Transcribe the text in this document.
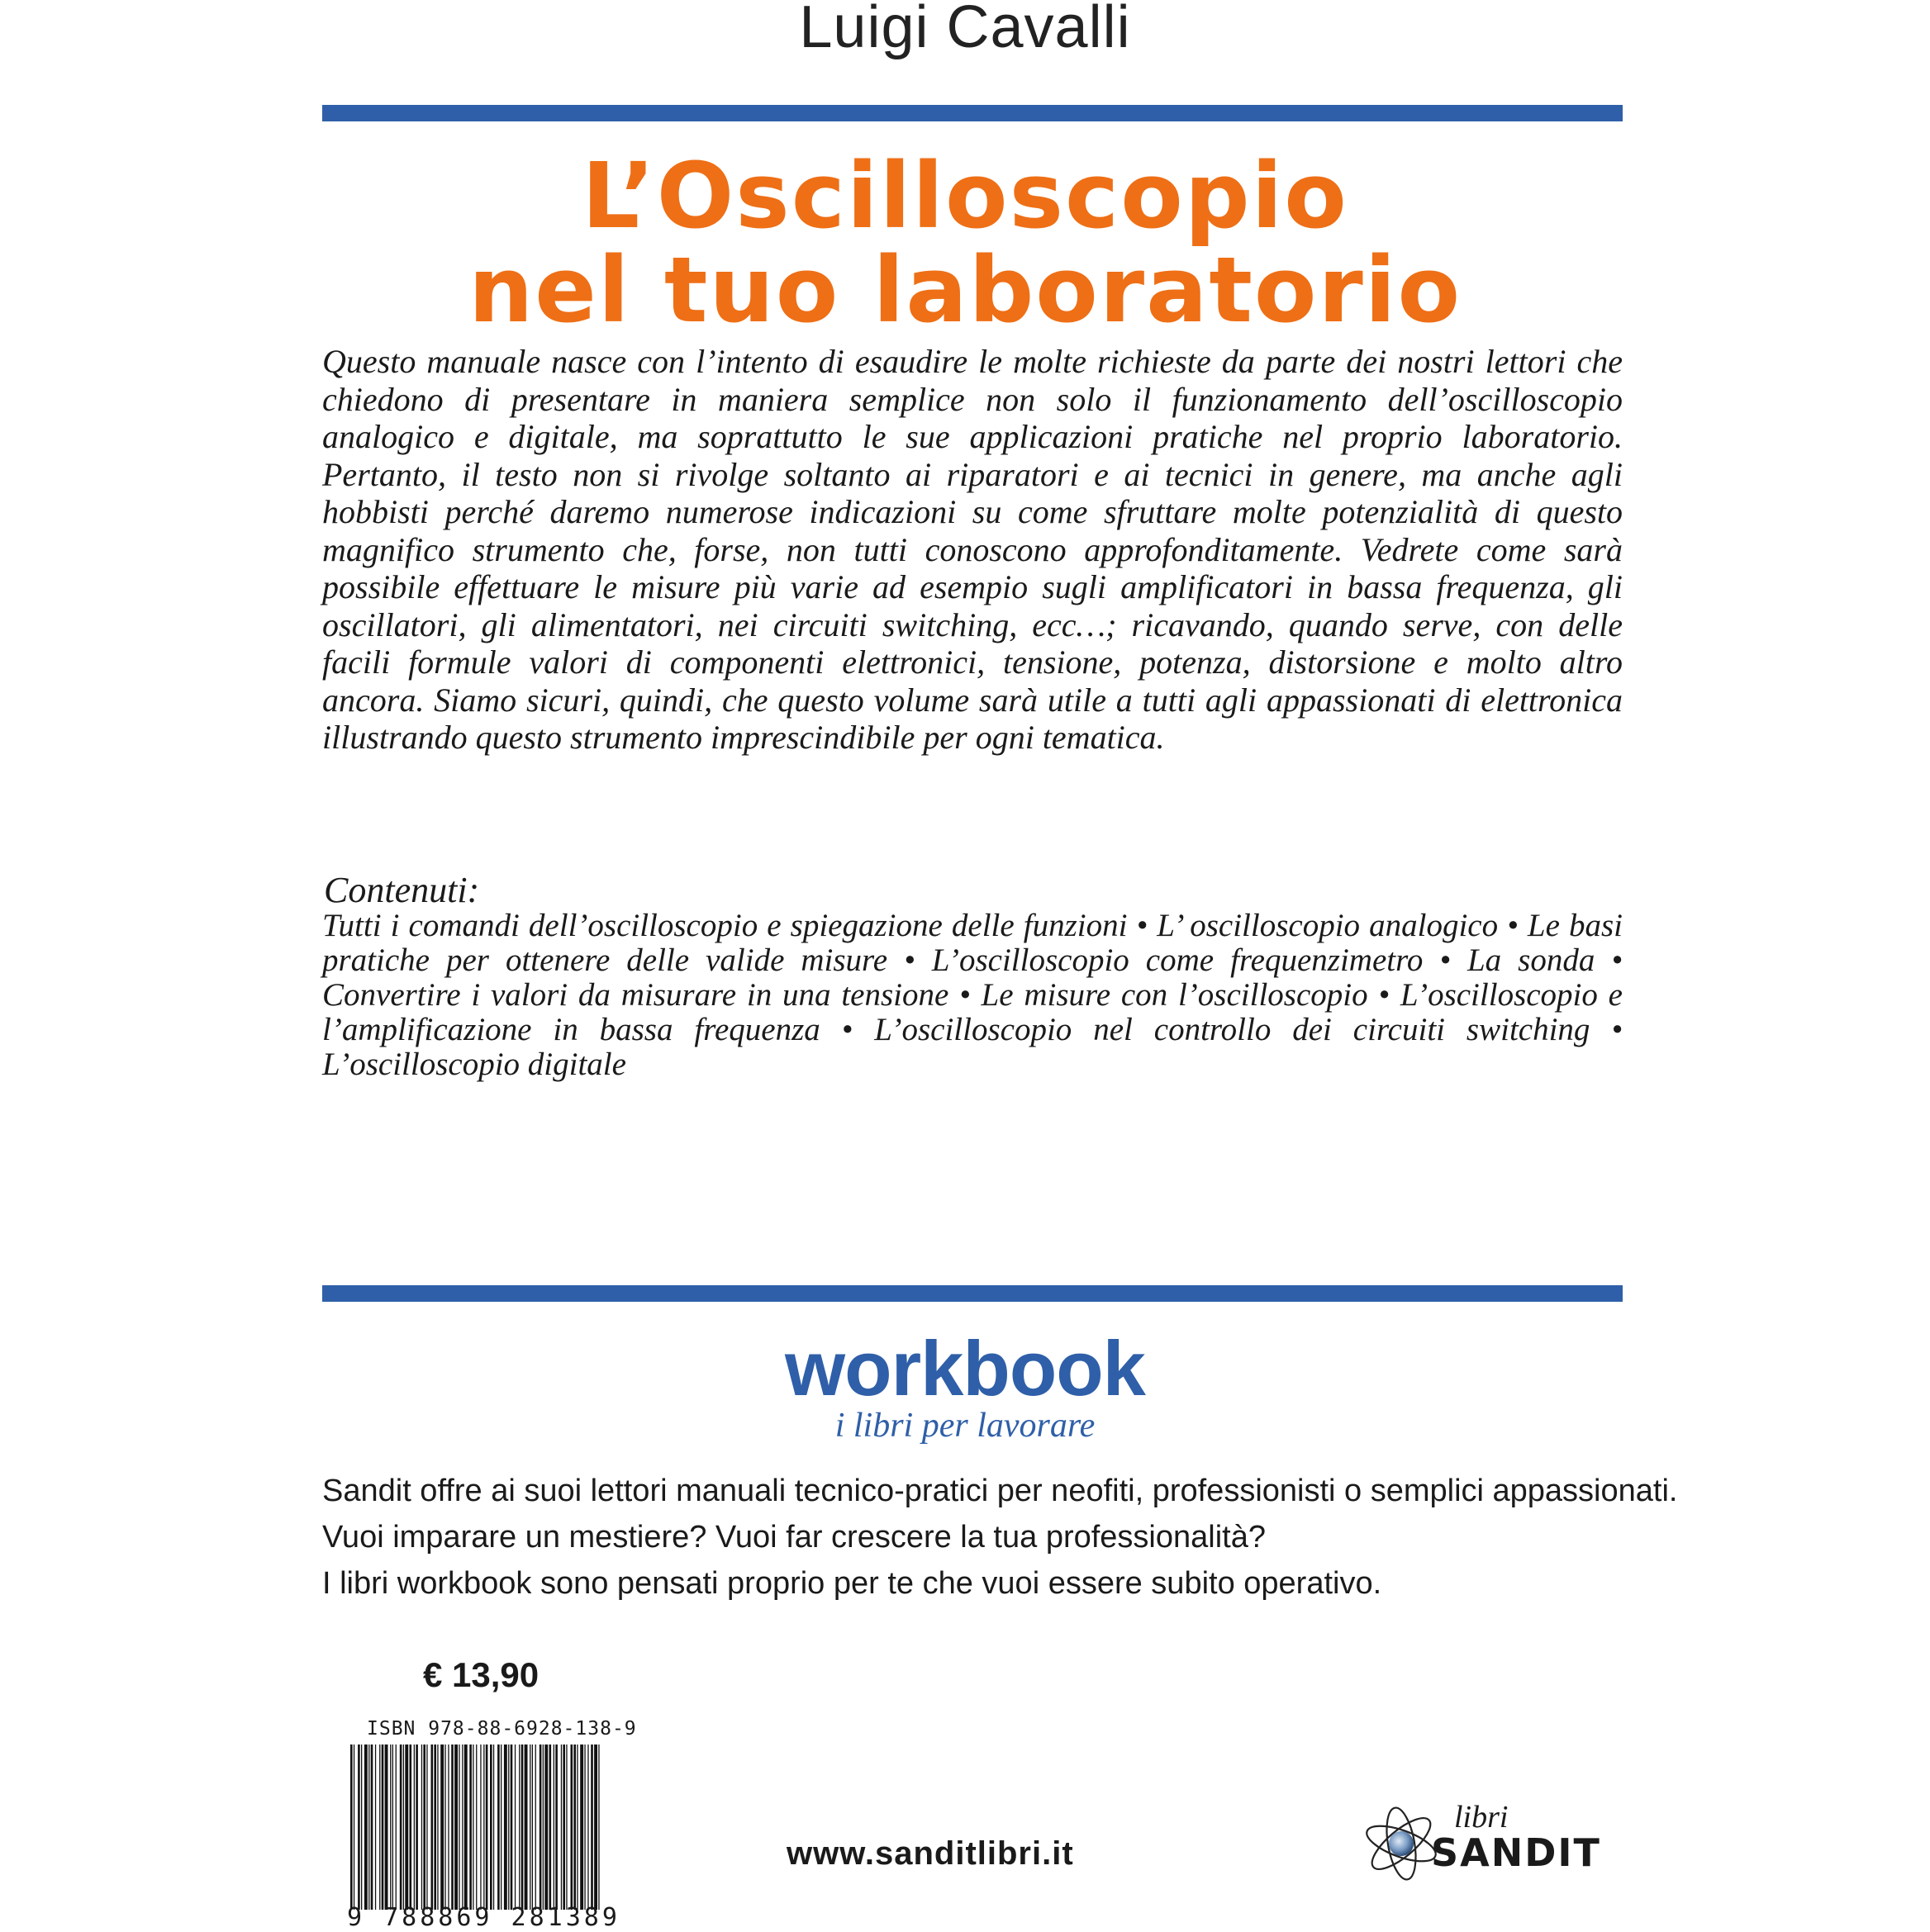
Luigi Cavalli
L’Oscilloscopio
nel tuo laboratorio

Questo manuale nasce con l’intento di esaudire le molte richieste da parte dei nostri lettori che chiedono di presentare in maniera semplice non solo il funzionamento dell’oscilloscopio analogico e digitale, ma soprattutto le sue applicazioni pratiche nel proprio laboratorio. Pertanto, il testo non si rivolge soltanto ai riparatori e ai tecnici in genere, ma anche agli hobbisti perché daremo numerose indicazioni su come sfruttare molte potenzialità di questo magnifico strumento che, forse, non tutti conoscono approfonditamente. Vedrete come sarà possibile effettuare le misure più varie ad esempio sugli amplificatori in bassa frequenza, gli oscillatori, gli alimentatori, nei circuiti switching, ecc…; ricavando, quando serve, con delle facili formule valori di componenti elettronici, tensione, potenza, distorsione e molto altro ancora. Siamo sicuri, quindi, che questo volume sarà utile a tutti agli appassionati di elettronica illustrando questo strumento imprescindibile per ogni tematica.

Contenuti:

Tutti i comandi dell’oscilloscopio e spiegazione delle funzioni • L’ oscilloscopio analogico • Le basi pratiche per ottenere delle valide misure • L’oscilloscopio come frequenzimetro • La sonda • Convertire i valori da misurare in una tensione • Le misure con l’oscilloscopio • L’oscilloscopio e l’amplificazione in bassa frequenza • L’oscilloscopio nel controllo dei circuiti switching • L’oscilloscopio digitale

workbook
i libri per lavorare
Sandit offre ai suoi lettori manuali tecnico-pratici per neofiti, professionisti o semplici appassionati.
Vuoi imparare un mestiere? Vuoi far crescere la tua professionalità?
I libri workbook sono pensati proprio per te che vuoi essere subito operativo.
€ 13,90
ISBN 978-88-6928-138-9
9 788869 281389
www.sanditlibri.it
libri
SANDIT
